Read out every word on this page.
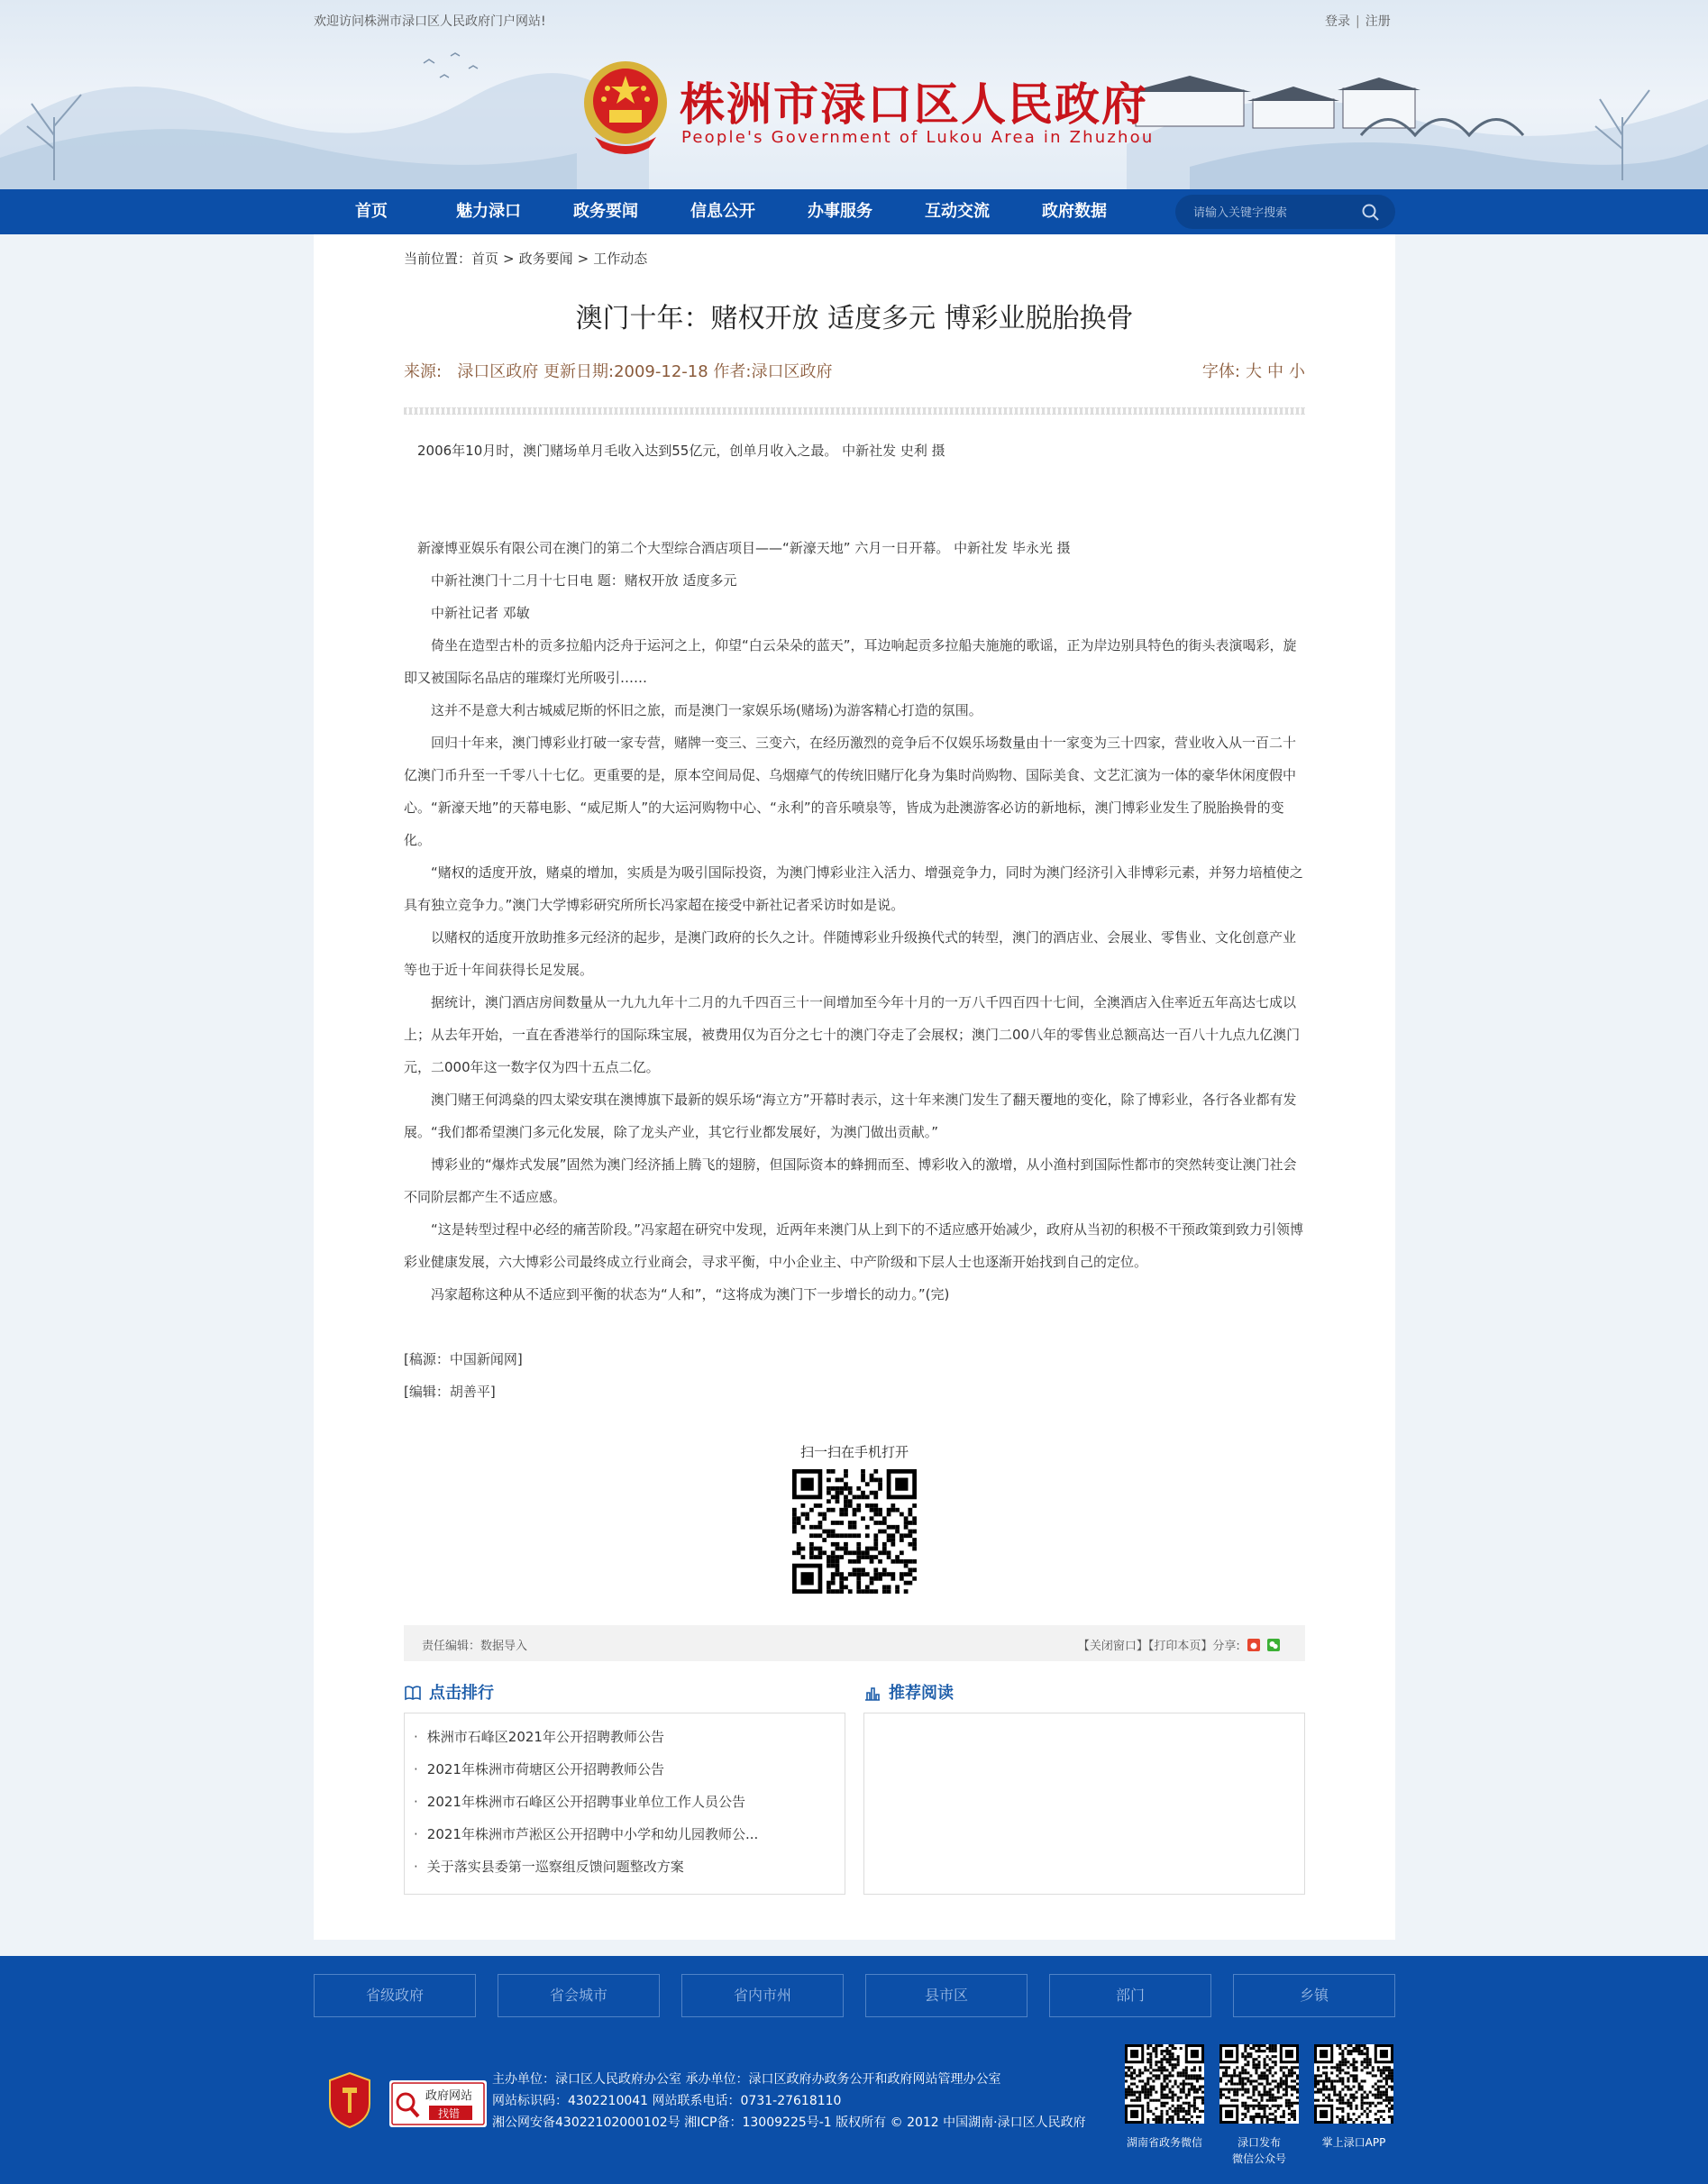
欢迎访问株洲市渌口区人民政府门户网站!	登录 | 注册
株洲市渌口区人民政府
People's Government of Lukou Area in Zhuzhou
首页	魅力渌口	政务要闻	信息公开	办事服务	互动交流	政府数据
请输入关键字搜索
当前位置：首页 > 政务要闻 > 工作动态
澳门十年：赌权开放 适度多元 博彩业脱胎换骨
来源: 渌口区政府 更新日期:2009-12-18 作者:渌口区政府	字体: 大 中 小

　2006年10月时，澳门赌场单月毛收入达到55亿元，创单月收入之最。 中新社发 史利 摄

　新濠博亚娱乐有限公司在澳门的第二个大型综合酒店项目——“新濠天地” 六月一日开幕。 中新社发 毕永光 摄

　　中新社澳门十二月十七日电 题：赌权开放 适度多元

　　中新社记者 邓敏

　　倚坐在造型古朴的贡多拉船内泛舟于运河之上，仰望“白云朵朵的蓝天”，耳边响起贡多拉船夫施施的歌谣，正为岸边别具特色的街头表演喝彩，旋即又被国际名品店的璀璨灯光所吸引……

　　这并不是意大利古城威尼斯的怀旧之旅，而是澳门一家娱乐场(赌场)为游客精心打造的氛围。

　　回归十年来，澳门博彩业打破一家专营，赌牌一变三、三变六，在经历激烈的竞争后不仅娱乐场数量由十一家变为三十四家，营业收入从一百二十亿澳门币升至一千零八十七亿。更重要的是，原本空间局促、乌烟瘴气的传统旧赌厅化身为集时尚购物、国际美食、文艺汇演为一体的豪华休闲度假中心。“新濠天地”的天幕电影、“威尼斯人”的大运河购物中心、“永利”的音乐喷泉等，皆成为赴澳游客必访的新地标，澳门博彩业发生了脱胎换骨的变化。

　　“赌权的适度开放，赌桌的增加，实质是为吸引国际投资，为澳门博彩业注入活力、增强竞争力，同时为澳门经济引入非博彩元素，并努力培植使之具有独立竞争力。”澳门大学博彩研究所所长冯家超在接受中新社记者采访时如是说。

　　以赌权的适度开放助推多元经济的起步，是澳门政府的长久之计。伴随博彩业升级换代式的转型，澳门的酒店业、会展业、零售业、文化创意产业等也于近十年间获得长足发展。

　　据统计，澳门酒店房间数量从一九九九年十二月的九千四百三十一间增加至今年十月的一万八千四百四十七间，全澳酒店入住率近五年高达七成以上；从去年开始，一直在香港举行的国际珠宝展，被费用仅为百分之七十的澳门夺走了会展权；澳门二00八年的零售业总额高达一百八十九点九亿澳门元，二000年这一数字仅为四十五点二亿。

　　澳门赌王何鸿燊的四太梁安琪在澳博旗下最新的娱乐场“海立方”开幕时表示，这十年来澳门发生了翻天覆地的变化，除了博彩业，各行各业都有发展。“我们都希望澳门多元化发展，除了龙头产业，其它行业都发展好，为澳门做出贡献。”

　　博彩业的“爆炸式发展”固然为澳门经济插上腾飞的翅膀，但国际资本的蜂拥而至、博彩收入的激增，从小渔村到国际性都市的突然转变让澳门社会不同阶层都产生不适应感。

　　“这是转型过程中必经的痛苦阶段。”冯家超在研究中发现，近两年来澳门从上到下的不适应感开始减少，政府从当初的积极不干预政策到致力引领博彩业健康发展，六大博彩公司最终成立行业商会，寻求平衡，中小企业主、中产阶级和下层人士也逐渐开始找到自己的定位。

　　冯家超称这种从不适应到平衡的状态为“人和”，“这将成为澳门下一步增长的动力。”(完)

[稿源：中国新闻网]

[编辑：胡善平]

扫一扫在手机打开
责任编辑：数据导入	【关闭窗口】【打印本页】分享:
点击排行
· 株洲市石峰区2021年公开招聘教师公告
· 2021年株洲市荷塘区公开招聘教师公告
· 2021年株洲市石峰区公开招聘事业单位工作人员公告
· 2021年株洲市芦淞区公开招聘中小学和幼儿园教师公...
· 关于落实县委第一巡察组反馈问题整改方案
推荐阅读
省级政府	省会城市	省内市州	县市区	部门	乡镇
政府网站
找错
主办单位：渌口区人民政府办公室 承办单位：渌口区政府办政务公开和政府网站管理办公室
网站标识码：4302210041 网站联系电话：0731-27618110
湘公网安备43022102000102号 湘ICP备：13009225号-1 版权所有 © 2012 中国湖南·渌口区人民政府
湖南省政务微信	渌口发布
微信公众号
掌上渌口APP
